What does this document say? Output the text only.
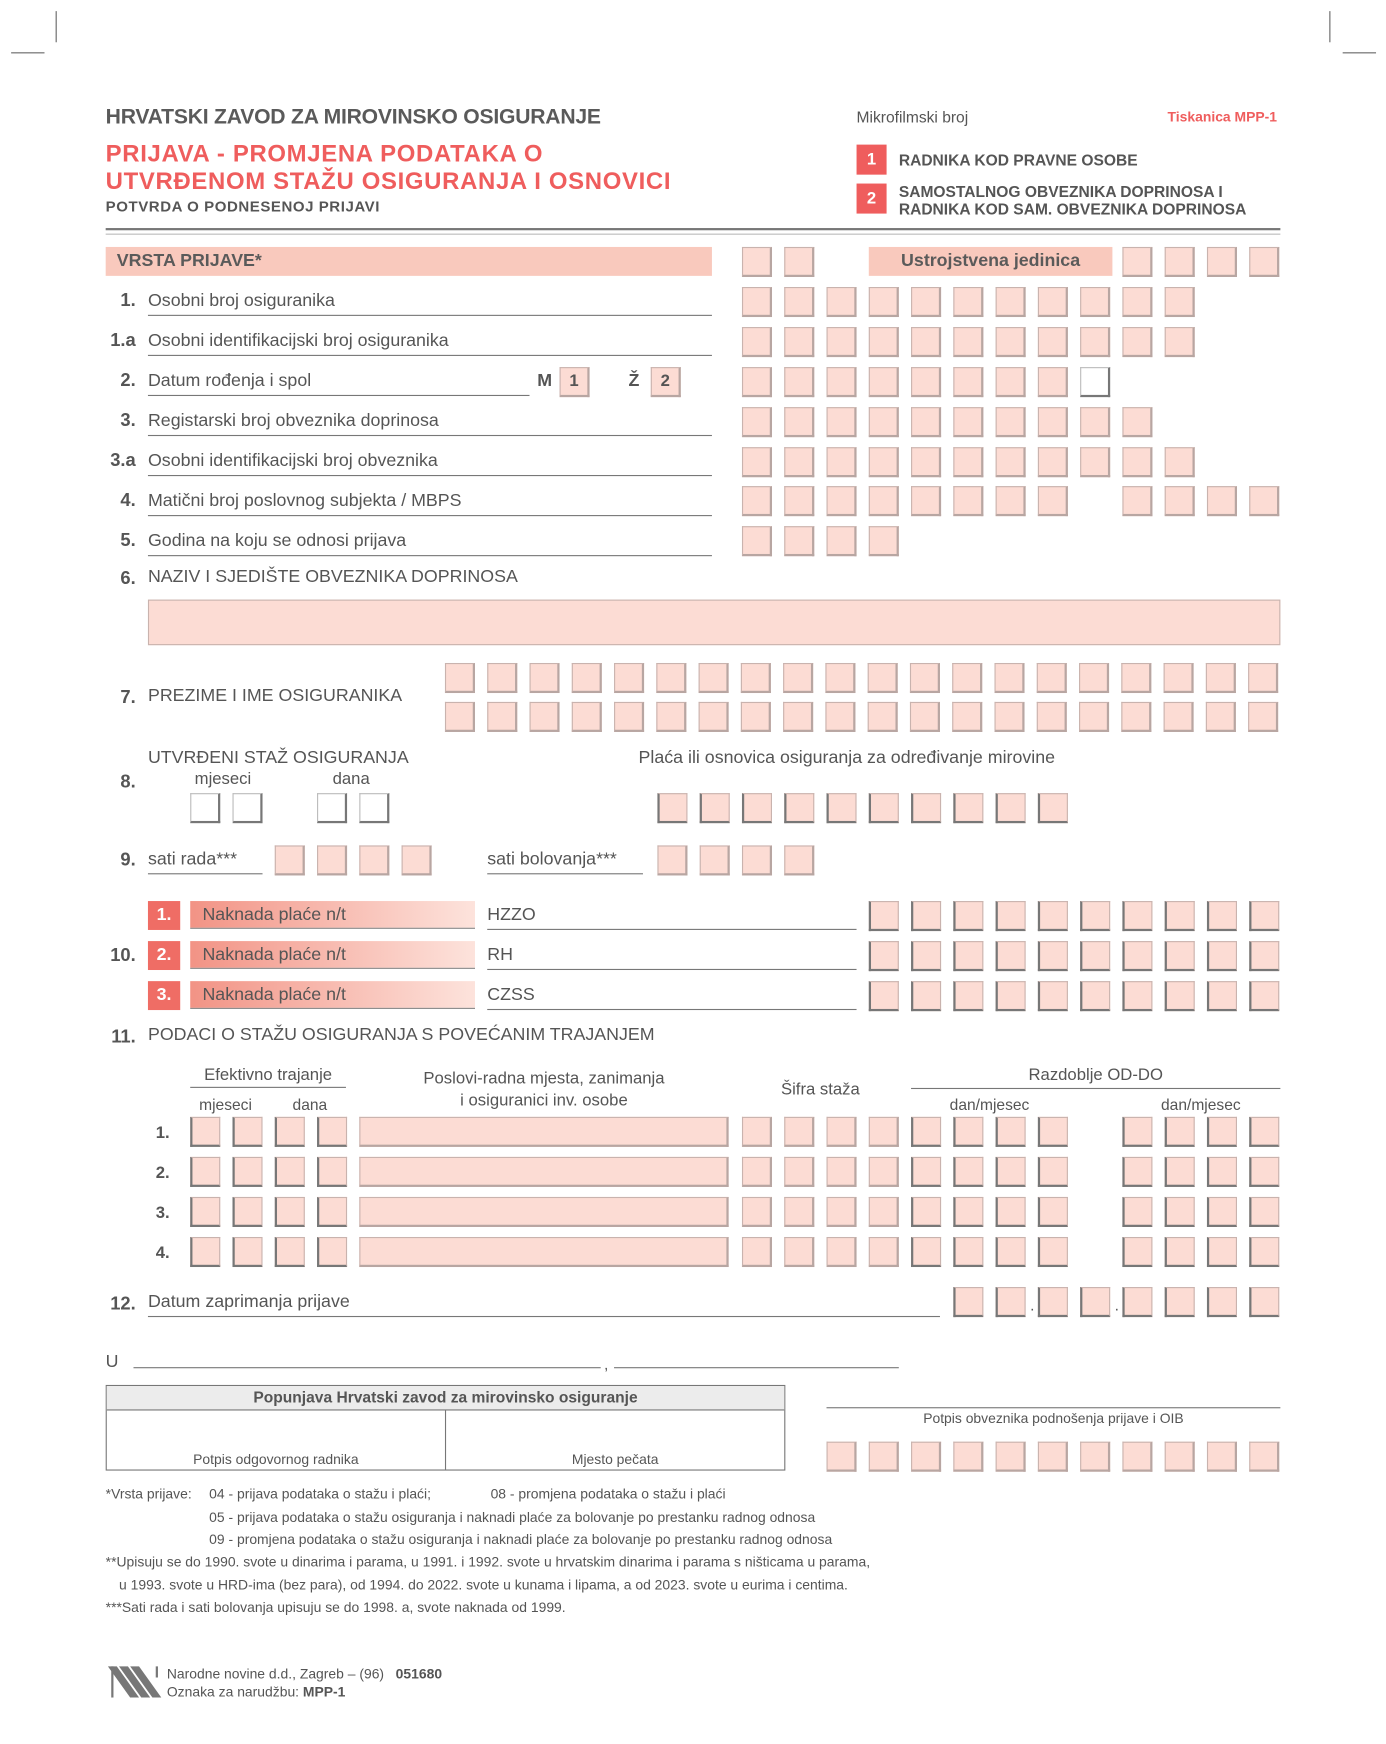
HRVATSKI ZAVOD ZA MIROVINSKO OSIGURANJE
PRIJAVA - PROMJENA PODATAKA O
UTVRĐENOM STAŽU OSIGURANJA I OSNOVICI
POTVRDA O PODNESENOJ PRIJAVI
Mikrofilmski broj	Tiskanica MPP-1
1	RADNIKA KOD PRAVNE OSOBE
2	SAMOSTALNOG OBVEZNIKA DOPRINOSA I
RADNIKA KOD SAM. OBVEZNIKA DOPRINOSA
VRSTA PRIJAVE*	Ustrojstvena jedinica
1. Osobni broj osiguranika
1.a Osobni identifikacijski broj osiguranika
2. Datum rođenja i spol	M	1	Ž	2
3. Registarski broj obveznika doprinosa
3.a Osobni identifikacijski broj obveznika
4. Matični broj poslovnog subjekta / MBPS
5. Godina na koju se odnosi prijava
6. NAZIV I SJEDIŠTE OBVEZNIKA DOPRINOSA
7. PREZIME I IME OSIGURANIKA
UTVRĐENI STAŽ OSIGURANJA
8.	mjeseci	dana
Plaća ili osnovica osiguranja za određivanje mirovine
9. sati rada***	sati bolovanja***
10.
1.	Naknada plaće n/t	HZZO
2.	Naknada plaće n/t	RH
3.	Naknada plaće n/t	CZSS
11. PODACI O STAŽU OSIGURANJA S POVEĆANIM TRAJANJEM
Efektivno trajanje
mjeseci	dana
Poslovi-radna mjesta, zanimanja
i osiguranici inv. osobe
Šifra staža
Razdoblje OD-DO
dan/mjesec	dan/mjesec
1.
2.
3.
4.
12. Datum zaprimanja prijave	.	.
U	,
Popunjava Hrvatski zavod za mirovinsko osiguranje
Potpis odgovornog radnika	Mjesto pečata
Potpis obveznika podnošenja prijave i OIB
*Vrsta prijave: 04 - prijava podataka o stažu i plaći;	08 - promjena podataka o stažu i plaći
05 - prijava podataka o stažu osiguranja i naknadi plaće za bolovanje po prestanku radnog odnosa
09 - promjena podataka o stažu osiguranja i naknadi plaće za bolovanje po prestanku radnog odnosa
**Upisuju se do 1990. svote u dinarima i parama, u 1991. i 1992. svote u hrvatskim dinarima i parama s ništicama u parama,
u 1993. svote u HRD-ima (bez para), od 1994. do 2022. svote u kunama i lipama, a od 2023. svote u eurima i centima.
***Sati rada i sati bolovanja upisuju se do 1998. a, svote naknada od 1999.
Narodne novine d.d., Zagreb – (96) 051680
Oznaka za narudžbu: MPP-1
